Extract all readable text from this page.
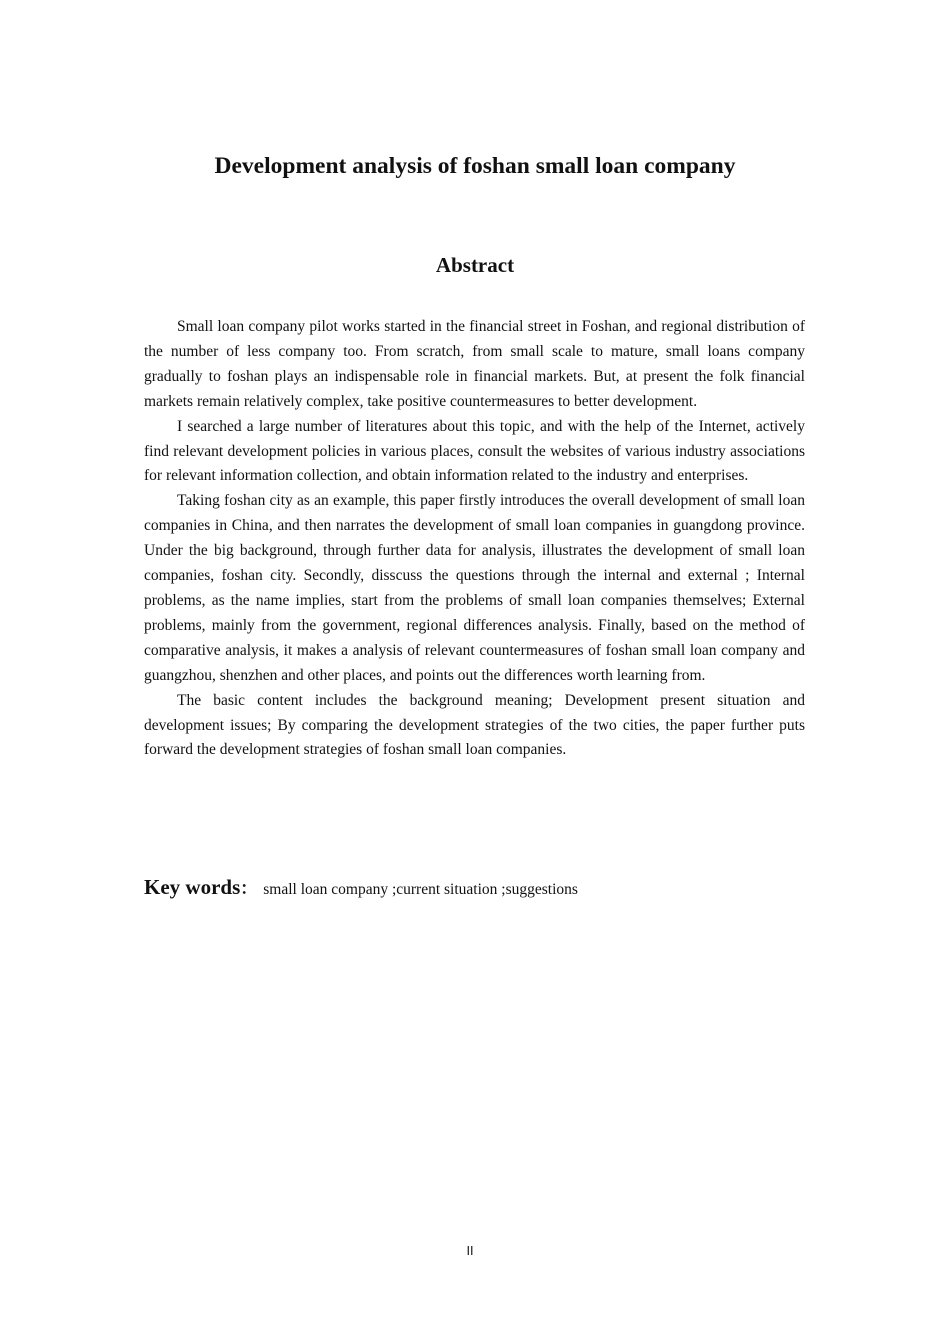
Development analysis of foshan small loan company
Abstract

Small loan company pilot works started in the financial street in Foshan, and regional distribution of the number of less company too. From scratch, from small scale to mature, small loans company gradually to foshan plays an indispensable role in financial markets. But, at present the folk financial markets remain relatively complex, take positive countermeasures to better development.

I searched a large number of literatures about this topic, and with the help of the Internet, actively find relevant development policies in various places, consult the websites of various industry associations for relevant information collection, and obtain information related to the industry and enterprises.

Taking foshan city as an example, this paper firstly introduces the overall development of small loan companies in China, and then narrates the development of small loan companies in guangdong province. Under the big background, through further data for analysis, illustrates the development of small loan companies, foshan city. Secondly, disscuss the questions through the internal and external ; Internal problems, as the name implies, start from the problems of small loan companies themselves; External problems, mainly from the government, regional differences analysis. Finally, based on the method of comparative analysis, it makes a analysis of relevant countermeasures of foshan small loan company and guangzhou, shenzhen and other places, and points out the differences worth learning from.

The basic content includes the background meaning; Development present situation and development issues; By comparing the development strategies of the two cities, the paper further puts forward the development strategies of foshan small loan companies.

Key words： small loan company ;current situation ;suggestions
II
